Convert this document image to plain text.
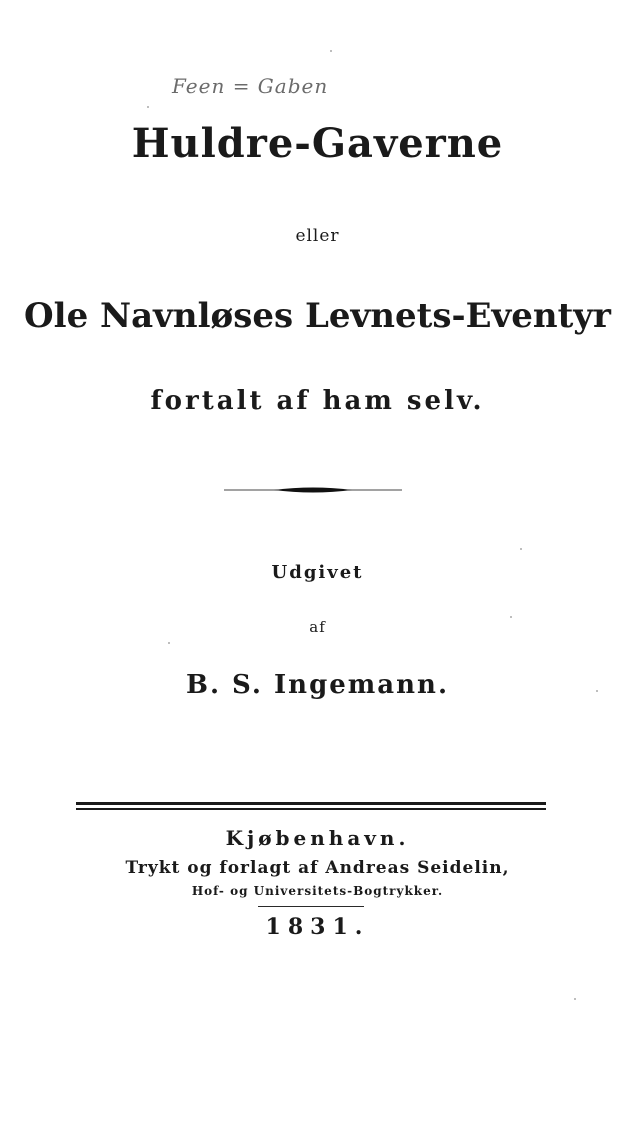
Feen = Gaben
Huldre-Gaverne
eller
Ole Navnløses Levnets-Eventyr
fortalt af ham selv.
Udgivet
af
B. S. Ingemann.
Kjøbenhavn.
Trykt og forlagt af Andreas Seidelin,
Hof- og Universitets-Bogtrykker.
1831.
